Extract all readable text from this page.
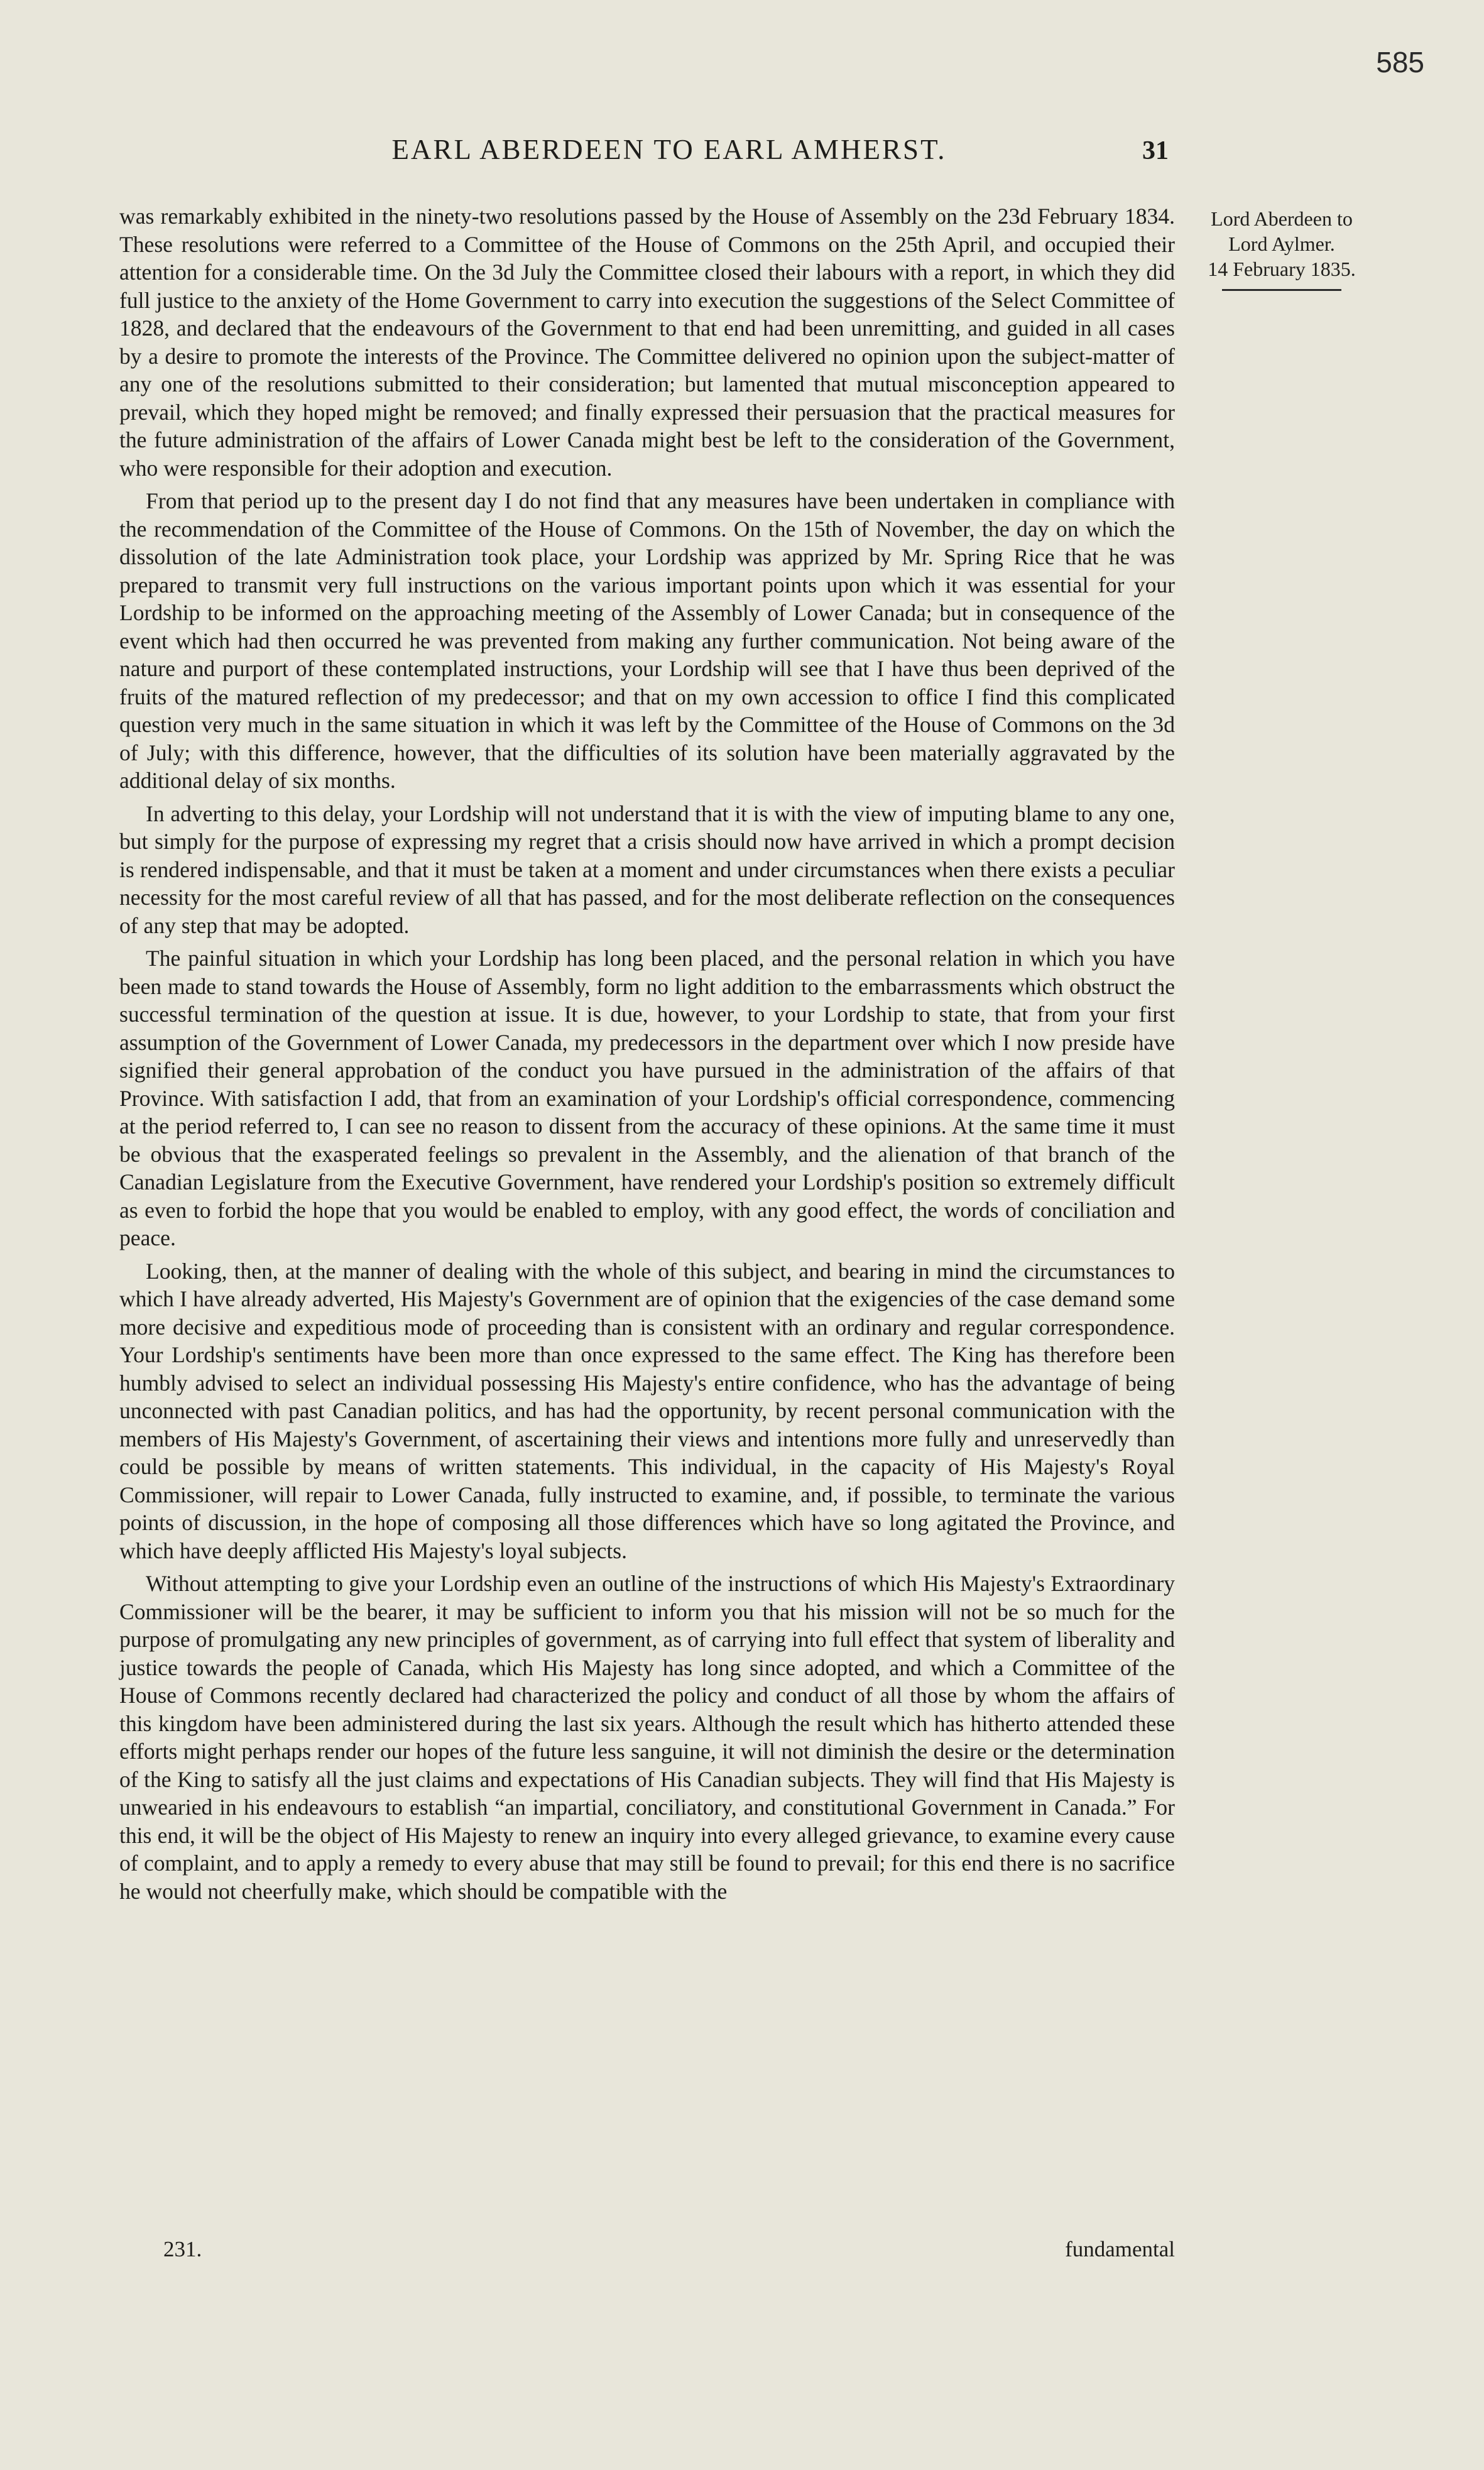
585
EARL ABERDEEN TO EARL AMHERST.	31
Lord Aberdeen to
Lord Aylmer.
14 February 1835.

was remarkably exhibited in the ninety-two resolutions passed by the House of Assembly on the 23d February 1834. These resolutions were referred to a Committee of the House of Commons on the 25th April, and occupied their attention for a considerable time. On the 3d July the Committee closed their labours with a report, in which they did full justice to the anxiety of the Home Government to carry into execution the suggestions of the Select Committee of 1828, and declared that the endeavours of the Government to that end had been unremitting, and guided in all cases by a desire to promote the interests of the Province. The Committee delivered no opinion upon the subject-matter of any one of the resolutions submitted to their consideration; but lamented that mutual misconception appeared to prevail, which they hoped might be removed; and finally expressed their persuasion that the practical measures for the future administration of the affairs of Lower Canada might best be left to the consideration of the Government, who were responsible for their adoption and execution.

From that period up to the present day I do not find that any measures have been undertaken in compliance with the recommendation of the Committee of the House of Commons. On the 15th of November, the day on which the dissolution of the late Administration took place, your Lordship was apprized by Mr. Spring Rice that he was prepared to transmit very full instructions on the various important points upon which it was essential for your Lordship to be informed on the approaching meeting of the Assembly of Lower Canada; but in consequence of the event which had then occurred he was prevented from making any further communication. Not being aware of the nature and purport of these contemplated instructions, your Lordship will see that I have thus been deprived of the fruits of the matured reflection of my predecessor; and that on my own accession to office I find this complicated question very much in the same situation in which it was left by the Committee of the House of Commons on the 3d of July; with this difference, however, that the difficulties of its solution have been materially aggravated by the additional delay of six months.

In adverting to this delay, your Lordship will not understand that it is with the view of imputing blame to any one, but simply for the purpose of expressing my regret that a crisis should now have arrived in which a prompt decision is rendered indispensable, and that it must be taken at a moment and under circumstances when there exists a peculiar necessity for the most careful review of all that has passed, and for the most deliberate reflection on the consequences of any step that may be adopted.

The painful situation in which your Lordship has long been placed, and the personal relation in which you have been made to stand towards the House of Assembly, form no light addition to the embarrassments which obstruct the successful termination of the question at issue. It is due, however, to your Lordship to state, that from your first assumption of the Government of Lower Canada, my predecessors in the department over which I now preside have signified their general approbation of the conduct you have pursued in the administration of the affairs of that Province. With satisfaction I add, that from an examination of your Lordship's official correspondence, commencing at the period referred to, I can see no reason to dissent from the accuracy of these opinions. At the same time it must be obvious that the exasperated feelings so prevalent in the Assembly, and the alienation of that branch of the Canadian Legislature from the Executive Government, have rendered your Lordship's position so extremely difficult as even to forbid the hope that you would be enabled to employ, with any good effect, the words of conciliation and peace.

Looking, then, at the manner of dealing with the whole of this subject, and bearing in mind the circumstances to which I have already adverted, His Majesty's Government are of opinion that the exigencies of the case demand some more decisive and expeditious mode of proceeding than is consistent with an ordinary and regular correspondence. Your Lordship's sentiments have been more than once expressed to the same effect. The King has therefore been humbly advised to select an individual possessing His Majesty's entire confidence, who has the advantage of being unconnected with past Canadian politics, and has had the opportunity, by recent personal communication with the members of His Majesty's Government, of ascertaining their views and intentions more fully and unreservedly than could be possible by means of written statements. This individual, in the capacity of His Majesty's Royal Commissioner, will repair to Lower Canada, fully instructed to examine, and, if possible, to terminate the various points of discussion, in the hope of composing all those differences which have so long agitated the Province, and which have deeply afflicted His Majesty's loyal subjects.

Without attempting to give your Lordship even an outline of the instructions of which His Majesty's Extraordinary Commissioner will be the bearer, it may be sufficient to inform you that his mission will not be so much for the purpose of promulgating any new principles of government, as of carrying into full effect that system of liberality and justice towards the people of Canada, which His Majesty has long since adopted, and which a Committee of the House of Commons recently declared had characterized the policy and conduct of all those by whom the affairs of this kingdom have been administered during the last six years. Although the result which has hitherto attended these efforts might perhaps render our hopes of the future less sanguine, it will not diminish the desire or the determination of the King to satisfy all the just claims and expectations of His Canadian subjects. They will find that His Majesty is unwearied in his endeavours to establish “an impartial, conciliatory, and constitutional Government in Canada.” For this end, it will be the object of His Majesty to renew an inquiry into every alleged grievance, to examine every cause of complaint, and to apply a remedy to every abuse that may still be found to prevail; for this end there is no sacrifice he would not cheerfully make, which should be compatible with the

231.	fundamental
